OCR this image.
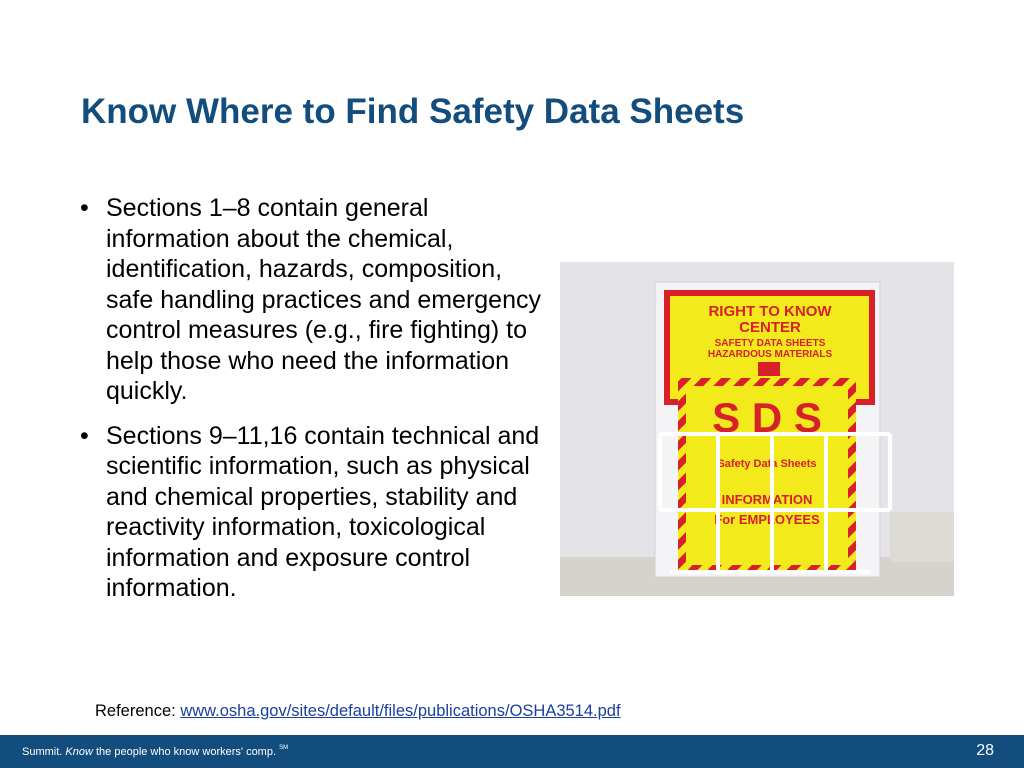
Know Where to Find Safety Data Sheets
• Sections 1–8 contain general information about the chemical, identification, hazards, composition, safe handling practices and emergency control measures (e.g., fire fighting) to help those who need the information quickly.
• Sections 9–11,16 contain technical and scientific information, such as physical and chemical properties, stability and reactivity information, toxicological information and exposure control information.
RIGHT TO KNOW
CENTER
SAFETY DATA SHEETS
HAZARDOUS MATERIALS
S D S
Safety Data Sheets
INFORMATION
For EMPLOYEES
Reference: www.osha.gov/sites/default/files/publications/OSHA3514.pdf
Summit. Know the people who know workers' comp. ℠	28
